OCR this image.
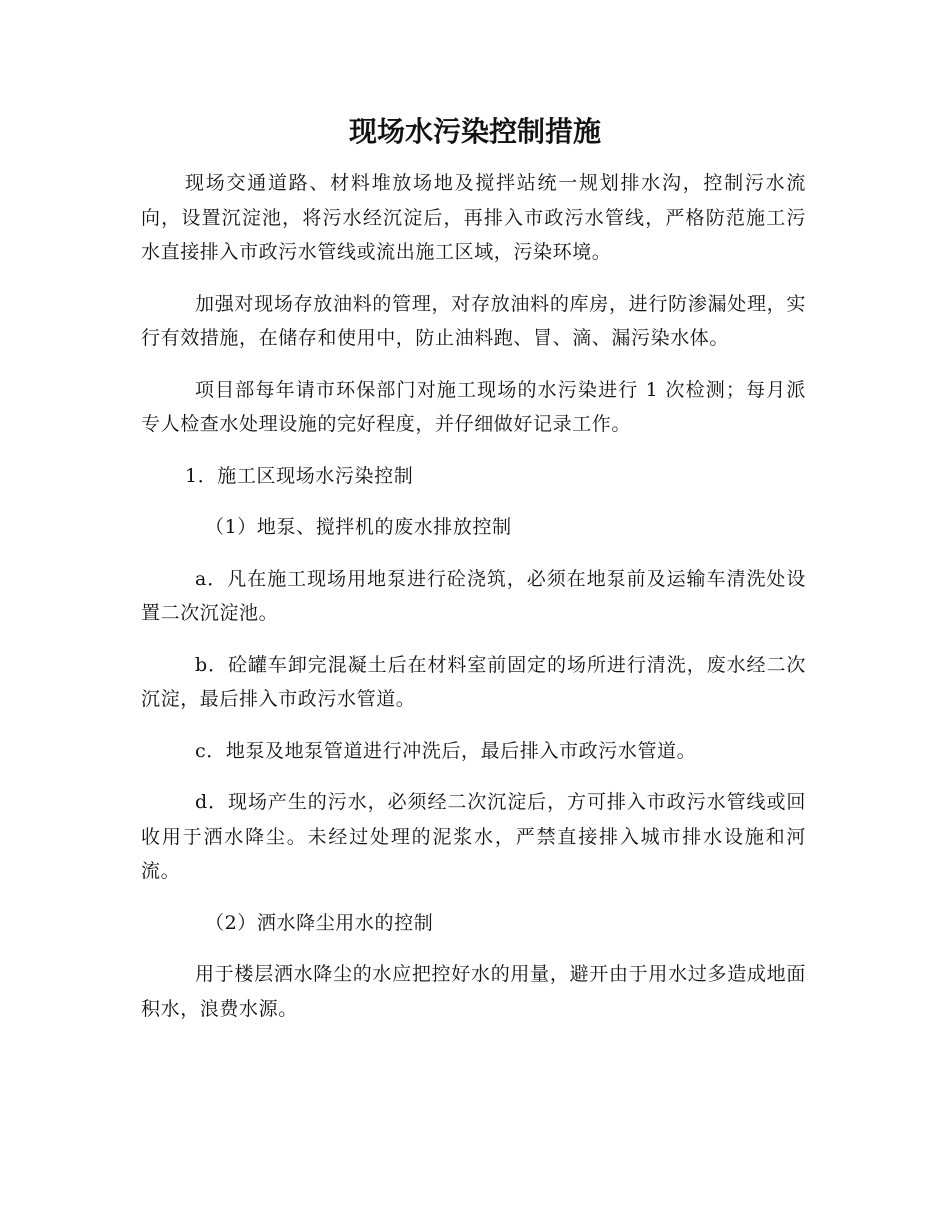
现场水污染控制措施

现场交通道路、材料堆放场地及搅拌站统一规划排水沟，控制污水流向，设置沉淀池，将污水经沉淀后，再排入市政污水管线，严格防范施工污水直接排入市政污水管线或流出施工区域，污染环境。

加强对现场存放油料的管理，对存放油料的库房，进行防渗漏处理，实行有效措施，在储存和使用中，防止油料跑、冒、滴、漏污染水体。

项目部每年请市环保部门对施工现场的水污染进行 1 次检测；每月派专人检查水处理设施的完好程度，并仔细做好记录工作。

1．施工区现场水污染控制

（1）地泵、搅拌机的废水排放控制

a．凡在施工现场用地泵进行砼浇筑，必须在地泵前及运输车清洗处设置二次沉淀池。

b．砼罐车卸完混凝土后在材料室前固定的场所进行清洗，废水经二次沉淀，最后排入市政污水管道。

c．地泵及地泵管道进行冲洗后，最后排入市政污水管道。

d．现场产生的污水，必须经二次沉淀后，方可排入市政污水管线或回收用于洒水降尘。未经过处理的泥浆水，严禁直接排入城市排水设施和河流。

（2）洒水降尘用水的控制

用于楼层洒水降尘的水应把控好水的用量，避开由于用水过多造成地面积水，浪费水源。
